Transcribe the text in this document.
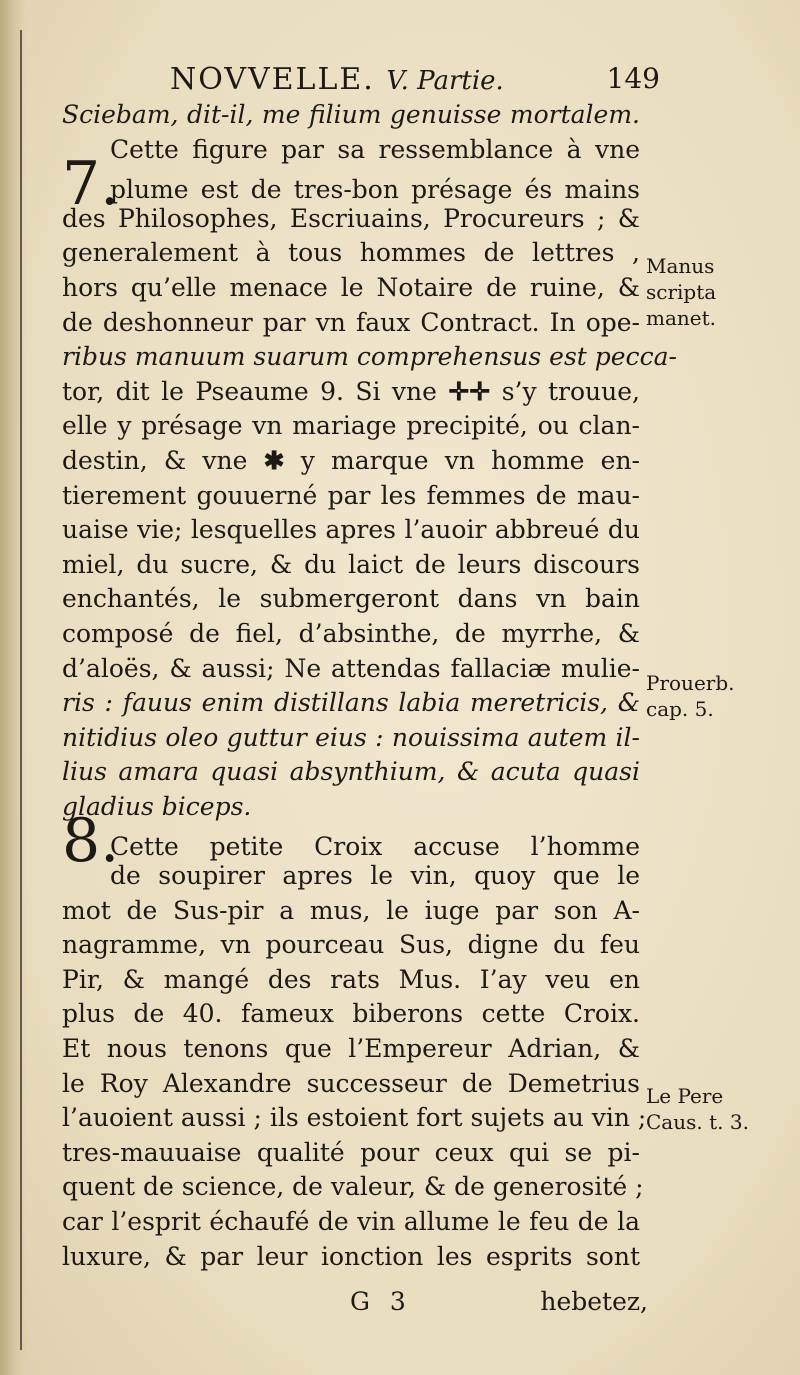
NOVVELLE. V. Partie.	149
Sciebam, dit-il, me filium genuisse mortalem.
Cette figure par sa ressemblance à vne
7.plume est de tres-bon présage és mains
des Philosophes, Escriuains, Procureurs ; &
generalement à tous hommes de lettres ,
hors qu’elle menace le Notaire de ruine, &
de deshonneur par vn faux Contract. In ope-
ribus manuum suarum comprehensus est pecca-
tor, dit le Pseaume 9. Si vne ✛✛ s’y trouue,
elle y présage vn mariage precipité, ou clan-
destin, & vne ✱ y marque vn homme en-
tierement gouuerné par les femmes de mau-
uaise vie; lesquelles apres l’auoir abbreué du
miel, du sucre, & du laict de leurs discours
enchantés, le submergeront dans vn bain
composé de fiel, d’absinthe, de myrrhe, &
d’aloës, & aussi; Ne attendas fallaciæ mulie-
ris : fauus enim distillans labia meretricis, &
nitidius oleo guttur eius : nouissima autem il-
lius amara quasi absynthium, & acuta quasi
gladius biceps.
8.Cette petite Croix accuse l’homme
de soupirer apres le vin, quoy que le
mot de Sus-pir a mus, le iuge par son A-
nagramme, vn pourceau Sus, digne du feu
Pir, & mangé des rats Mus. I’ay veu en
plus de 40. fameux biberons cette Croix.
Et nous tenons que l’Empereur Adrian, &
le Roy Alexandre successeur de Demetrius
l’auoient aussi ; ils estoient fort sujets au vin ;
tres-mauuaise qualité pour ceux qui se pi-
quent de science, de valeur, & de generosité ;
car l’esprit échaufé de vin allume le feu de la
luxure, & par leur ionction les esprits sont
Manus
scripta
manet.
Prouerb.
cap. 5.
Le Pere
Caus. t. 3.
G 3	hebetez,
